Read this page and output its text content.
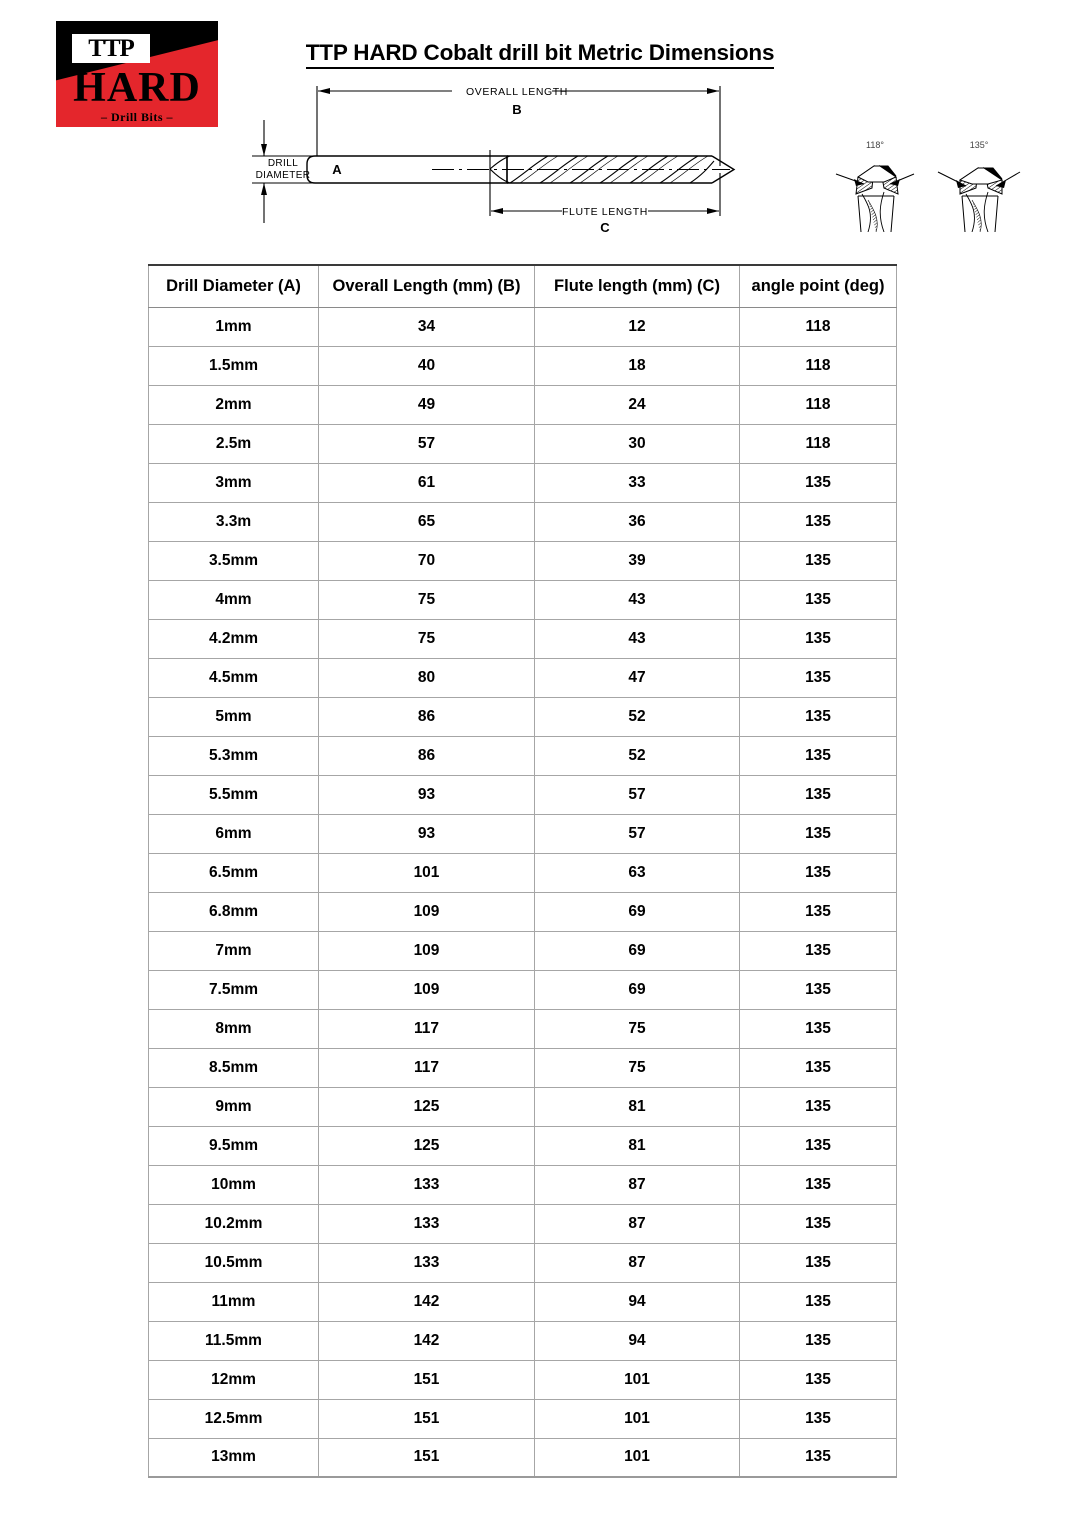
TTP
HARD
– Drill Bits –
TTP HARD Cobalt drill bit Metric Dimensions
OVERALL LENGTH
B
FLUTE LENGTH
C
DRILL
DIAMETER A
118°	135°
Drill Diameter (A)	Overall Length (mm) (B)	Flute length (mm) (C)	angle point (deg)
1mm	34	12	118
1.5mm	40	18	118
2mm	49	24	118
2.5m	57	30	118
3mm	61	33	135
3.3m	65	36	135
3.5mm	70	39	135
4mm	75	43	135
4.2mm	75	43	135
4.5mm	80	47	135
5mm	86	52	135
5.3mm	86	52	135
5.5mm	93	57	135
6mm	93	57	135
6.5mm	101	63	135
6.8mm	109	69	135
7mm	109	69	135
7.5mm	109	69	135
8mm	117	75	135
8.5mm	117	75	135
9mm	125	81	135
9.5mm	125	81	135
10mm	133	87	135
10.2mm	133	87	135
10.5mm	133	87	135
11mm	142	94	135
11.5mm	142	94	135
12mm	151	101	135
12.5mm	151	101	135
13mm	151	101	135
